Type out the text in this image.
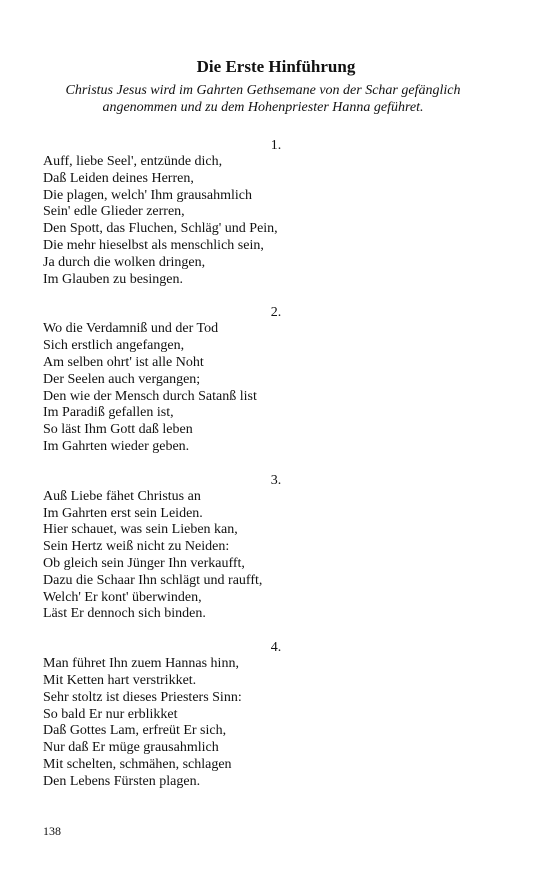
Die Erste Hinführung
Christus Jesus wird im Gahrten Gethsemane von der Schar gefänglich
angenommen und zu dem Hohenpriester Hanna geführet.
1.
Auff, liebe Seel', entzünde dich,
Daß Leiden deines Herren,
Die plagen, welch' Ihm grausahmlich
Sein' edle Glieder zerren,
Den Spott, das Fluchen, Schläg' und Pein,
Die mehr hieselbst als menschlich sein,
Ja durch die wolken dringen,
Im Glauben zu besingen.
2.
Wo die Verdamniß und der Tod
Sich erstlich angefangen,
Am selben ohrt' ist alle Noht
Der Seelen auch vergangen;
Den wie der Mensch durch Satanß list
Im Paradiß gefallen ist,
So läst Ihm Gott daß leben
Im Gahrten wieder geben.
3.
Auß Liebe fähet Christus an
Im Gahrten erst sein Leiden.
Hier schauet, was sein Lieben kan,
Sein Hertz weiß nicht zu Neiden:
Ob gleich sein Jünger Ihn verkaufft,
Dazu die Schaar Ihn schlägt und raufft,
Welch' Er kont' überwinden,
Läst Er dennoch sich binden.
4.
Man führet Ihn zuem Hannas hinn,
Mit Ketten hart verstrikket.
Sehr stoltz ist dieses Priesters Sinn:
So bald Er nur erblikket
Daß Gottes Lam, erfreüt Er sich,
Nur daß Er müge grausahmlich
Mit schelten, schmähen, schlagen
Den Lebens Fürsten plagen.
138
